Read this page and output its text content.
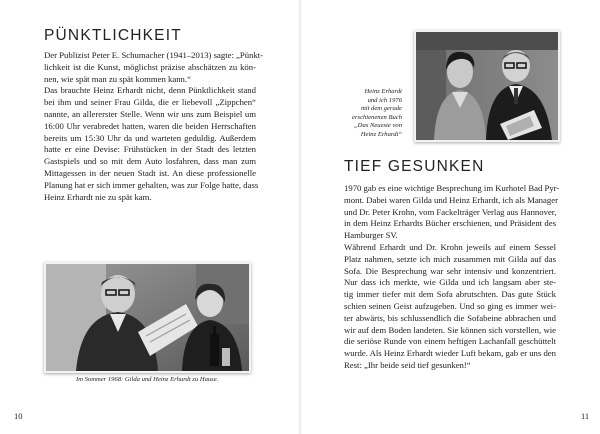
PÜNKTLICHKEIT
Der Publizist Peter E. Schumacher (1941–2013) sagte: „Pünkt-
lichkeit ist die Kunst, möglichst präzise abschätzen zu kön-
nen, wie spät man zu spät kommen kann.“
Das brauchte Heinz Erhardt nicht, denn Pünktlichkeit stand
bei ihm und seiner Frau Gilda, die er liebevoll „Zippchen“
nannte, an allererster Stelle. Wenn wir uns zum Beispiel um
16:00 Uhr verabredet hatten, waren die beiden Herrschaften
bereits um 15:30 Uhr da und warteten geduldig. Außerdem
hatte er eine Devise: Frühstücken in der Stadt des letzten
Gastspiels und so mit dem Auto losfahren, dass man zum
Mittagessen in der neuen Stadt ist. An diese professionelle
Planung hat er sich immer gehalten, was zur Folge hatte, dass
Heinz Erhardt nie zu spät kam.

Im Sommer 1968: Gilda und Heinz Erhardt zu Hause.

10
Heinz Erhardt
und ich 1976
mit dem gerade
erschienenen Buch
„Das Neueste von
Heinz Erhardt“
TIEF GESUNKEN
1970 gab es eine wichtige Besprechung im Kurhotel Bad Pyr-
mont. Dabei waren Gilda und Heinz Erhardt, ich als Manager
und Dr. Peter Krohn, vom Fackelträger Verlag aus Hannover,
in dem Heinz Erhardts Bücher erschienen, und Präsident des
Hamburger SV.
Während Erhardt und Dr. Krohn jeweils auf einem Sessel
Platz nahmen, setzte ich mich zusammen mit Gilda auf das
Sofa. Die Besprechung war sehr intensiv und konzentriert.
Nur dass ich merkte, wie Gilda und ich langsam aber ste-
tig immer tiefer mit dem Sofa abrutschten. Das gute Stück
schien seinen Geist aufzugeben. Und so ging es immer wei-
ter abwärts, bis schlussendlich die Sofabeine abbrachen und
wir auf dem Boden landeten. Sie können sich vorstellen, wie
die seriöse Runde von einem heftigen Lachanfall geschüttelt
wurde. Als Heinz Erhardt wieder Luft bekam, gab er uns den
Rest: „Ihr beide seid tief gesunken!“
11
